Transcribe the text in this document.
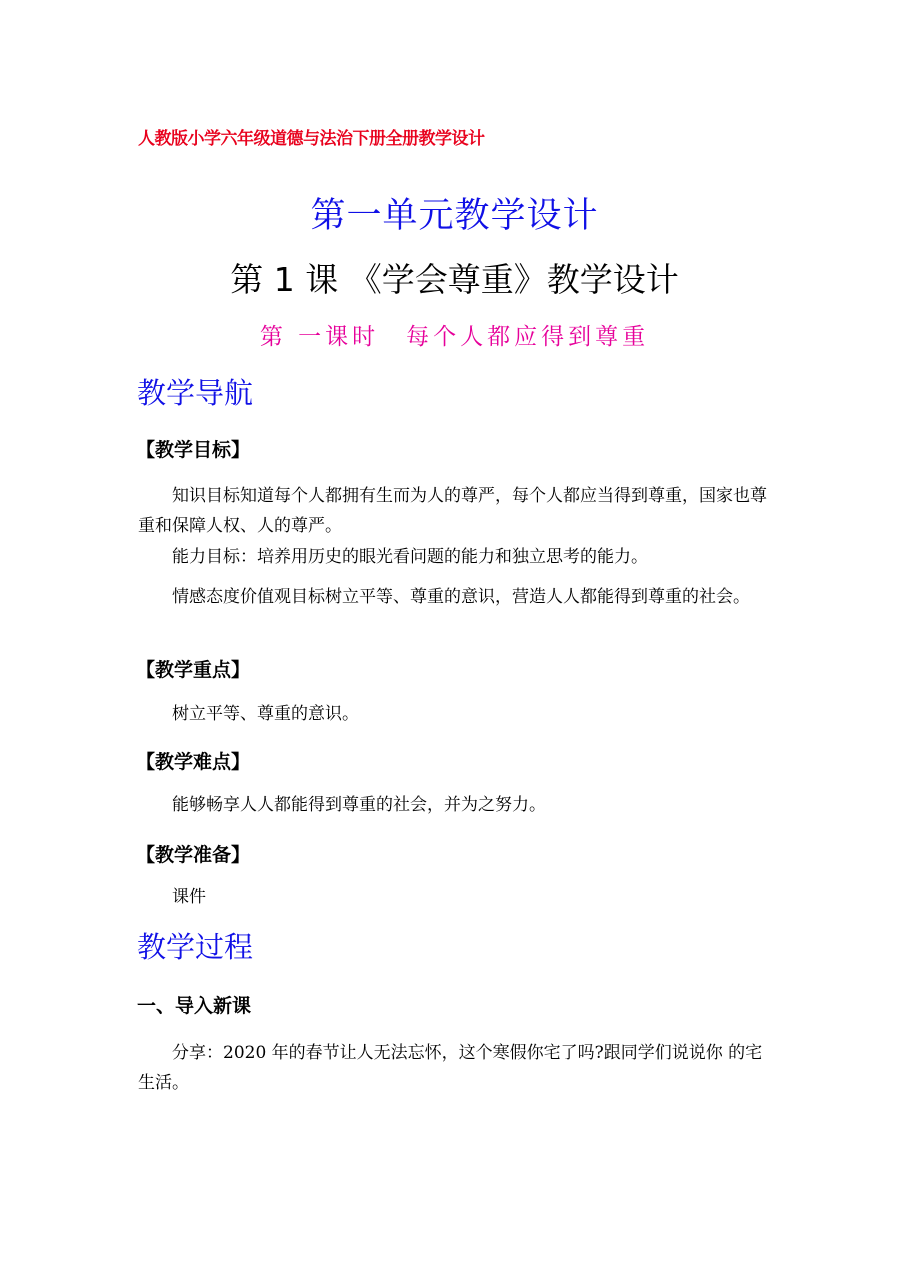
人教版小学六年级道德与法治下册全册教学设计
第一单元教学设计
第 1 课 《学会尊重》教学设计
第 一课时　每个人都应得到尊重
教学导航
【教学目标】
知识目标知道每个人都拥有生而为人的尊严，每个人都应当得到尊重，国家也尊重和保障人权、人的尊严。
能力目标：培养用历史的眼光看问题的能力和独立思考的能力。
情感态度价值观目标树立平等、尊重的意识，营造人人都能得到尊重的社会。
【教学重点】
树立平等、尊重的意识。
【教学难点】
能够畅享人人都能得到尊重的社会，并为之努力。
【教学准备】
课件
教学过程
一、导入新课
分享：2020 年的春节让人无法忘怀，这个寒假你宅了吗?跟同学们说说你 的宅生活。
